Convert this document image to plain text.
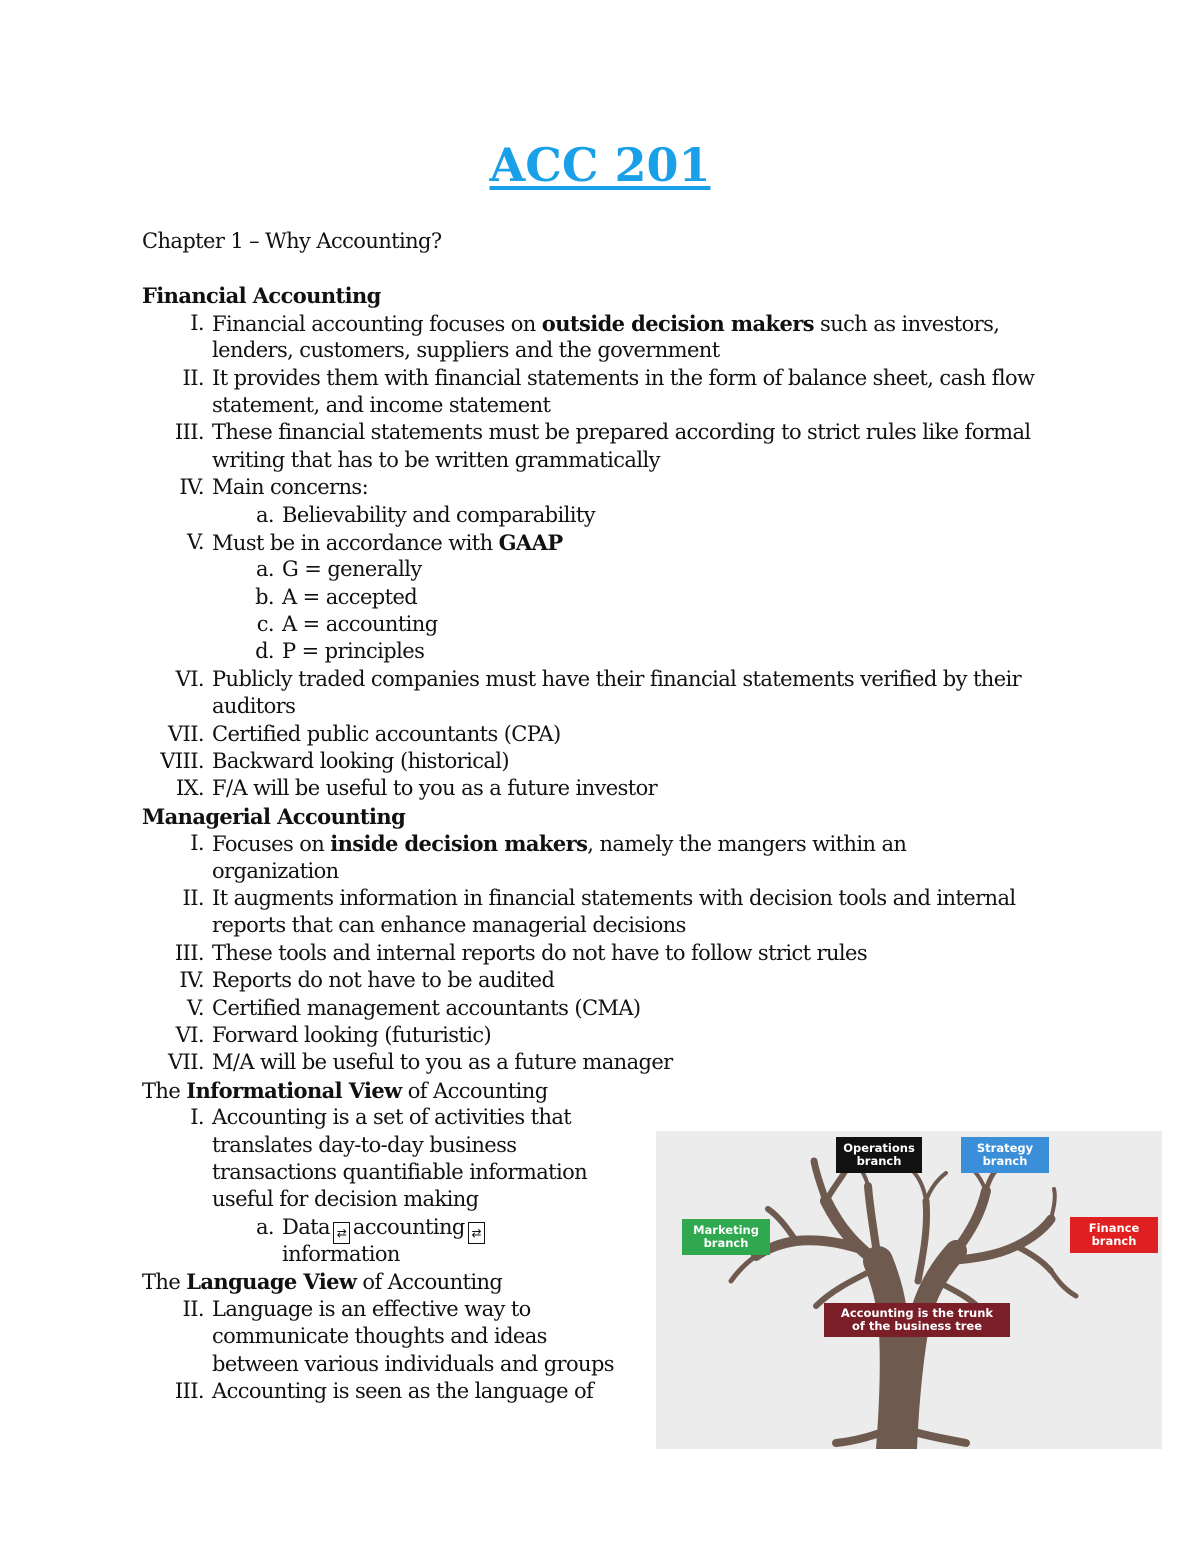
ACC 201
Chapter 1 – Why Accounting?
Financial Accounting
I. Financial accounting focuses on outside decision makers such as investors,
lenders, customers, suppliers and the government
II. It provides them with financial statements in the form of balance sheet, cash flow
statement, and income statement
III. These financial statements must be prepared according to strict rules like formal
writing that has to be written grammatically
IV. Main concerns:
a. Believability and comparability
V. Must be in accordance with GAAP
a. G = generally
b. A = accepted
c. A = accounting
d. P = principles
VI. Publicly traded companies must have their financial statements verified by their
auditors
VII. Certified public accountants (CPA)
VIII. Backward looking (historical)
IX. F/A will be useful to you as a future investor
Managerial Accounting
I. Focuses on inside decision makers, namely the mangers within an
organization
II. It augments information in financial statements with decision tools and internal
reports that can enhance managerial decisions
III. These tools and internal reports do not have to follow strict rules
IV. Reports do not have to be audited
V. Certified management accountants (CMA)
VI. Forward looking (futuristic)
VII. M/A will be useful to you as a future manager
The Informational View of Accounting
I. Accounting is a set of activities that
translates day-to-day business
transactions quantifiable information
useful for decision making
a. Data ⇄ accounting ⇄
information
The Language View of Accounting
II. Language is an effective way to
communicate thoughts and ideas
between various individuals and groups
III. Accounting is seen as the language of
Operations
branch
Strategy
branch
Marketing
branch
Finance
branch
Accounting is the trunk
of the business tree
